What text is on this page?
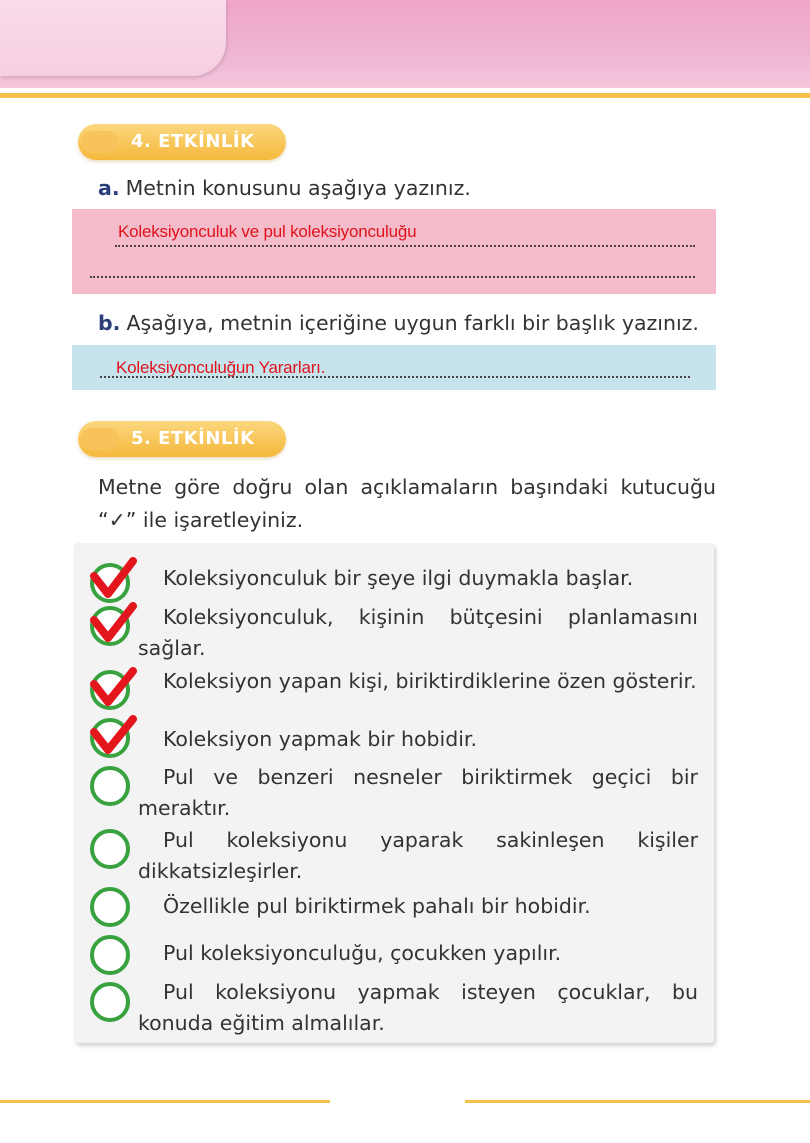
4. ETKİNLİK
a. Metnin konusunu aşağıya yazınız.
Koleksiyonculuk ve pul koleksiyonculuğu
b. Aşağıya, metnin içeriğine uygun farklı bir başlık yazınız.
Koleksiyonculuğun Yararları.
5. ETKİNLİK
Metne göre doğru olan açıklamaların başındaki kutucuğu “✓” ile işaretleyiniz.

Koleksiyonculuk bir şeye ilgi duymakla başlar.

Koleksiyonculuk, kişinin bütçesini planlamasını sağlar.

Koleksiyon yapan kişi, biriktirdiklerine özen gösterir.

Koleksiyon yapmak bir hobidir.

Pul ve benzeri nesneler biriktirmek geçici bir meraktır.

Pul koleksiyonu yaparak sakinleşen kişiler dikkatsizleşirler.

Özellikle pul biriktirmek pahalı bir hobidir.

Pul koleksiyonculuğu, çocukken yapılır.

Pul koleksiyonu yapmak isteyen çocuklar, bu konuda eğitim almalılar.
